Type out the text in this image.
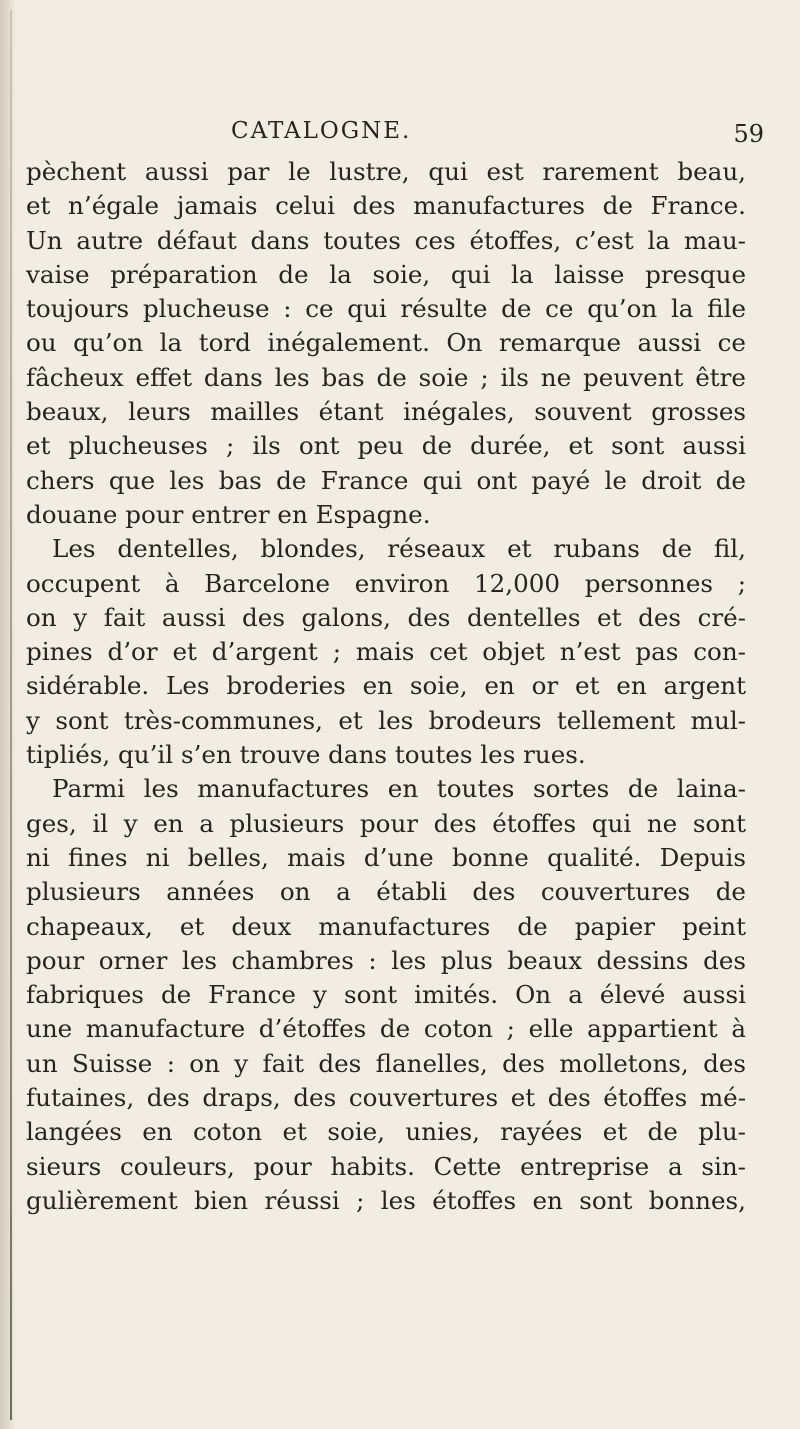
CATALOGNE.	59
pèchent aussi par le lustre, qui est rarement beau,
et n’égale jamais celui des manufactures de France.
Un autre défaut dans toutes ces étoffes, c’est la mau-
vaise préparation de la soie, qui la laisse presque
toujours plucheuse : ce qui résulte de ce qu’on la file
ou qu’on la tord inégalement. On remarque aussi ce
fâcheux effet dans les bas de soie ; ils ne peuvent être
beaux, leurs mailles étant inégales, souvent grosses
et plucheuses ; ils ont peu de durée, et sont aussi
chers que les bas de France qui ont payé le droit de
douane pour entrer en Espagne.
Les dentelles, blondes, réseaux et rubans de fil,
occupent à Barcelone environ 12,000 personnes ;
on y fait aussi des galons, des dentelles et des cré-
pines d’or et d’argent ; mais cet objet n’est pas con-
sidérable. Les broderies en soie, en or et en argent
y sont très-communes, et les brodeurs tellement mul-
tipliés, qu’il s’en trouve dans toutes les rues.
Parmi les manufactures en toutes sortes de laina-
ges, il y en a plusieurs pour des étoffes qui ne sont
ni fines ni belles, mais d’une bonne qualité. Depuis
plusieurs années on a établi des couvertures de
chapeaux, et deux manufactures de papier peint
pour orner les chambres : les plus beaux dessins des
fabriques de France y sont imités. On a élevé aussi
une manufacture d’étoffes de coton ; elle appartient à
un Suisse : on y fait des flanelles, des molletons, des
futaines, des draps, des couvertures et des étoffes mé-
langées en coton et soie, unies, rayées et de plu-
sieurs couleurs, pour habits. Cette entreprise a sin-
gulièrement bien réussi ; les étoffes en sont bonnes,
